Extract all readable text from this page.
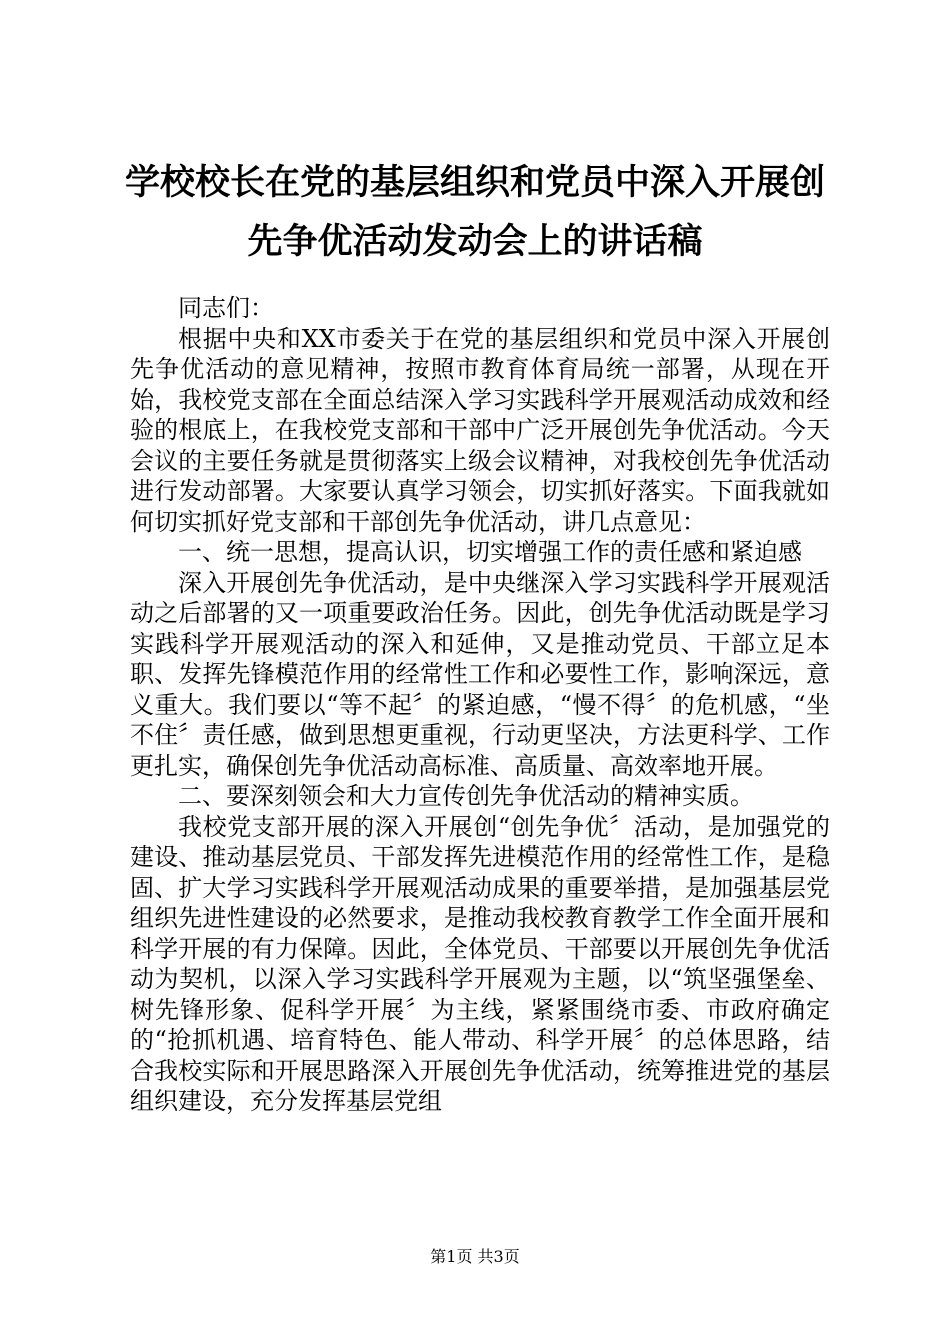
学校校长在党的基层组织和党员中深入开展创
先争优活动发动会上的讲话稿

同志们：

根据中央和XX市委关于在党的基层组织和党员中深入开展创先争优活动的意见精神，按照市教育体育局统一部署，从现在开始，我校党支部在全面总结深入学习实践科学开展观活动成效和经验的根底上，在我校党支部和干部中广泛开展创先争优活动。今天会议的主要任务就是贯彻落实上级会议精神，对我校创先争优活动进行发动部署。大家要认真学习领会，切实抓好落实。下面我就如何切实抓好党支部和干部创先争优活动，讲几点意见：

一、统一思想，提高认识，切实增强工作的责任感和紧迫感

深入开展创先争优活动，是中央继深入学习实践科学开展观活动之后部署的又一项重要政治任务。因此，创先争优活动既是学习实践科学开展观活动的深入和延伸，又是推动党员、干部立足本职、发挥先锋模范作用的经常性工作和必要性工作，影响深远，意义重大。我们要以“等不起〞的紧迫感，“慢不得〞的危机感，“坐不住〞责任感，做到思想更重视，行动更坚决，方法更科学、工作更扎实，确保创先争优活动高标准、高质量、高效率地开展。

二、要深刻领会和大力宣传创先争优活动的精神实质。

我校党支部开展的深入开展创“创先争优〞活动，是加强党的建设、推动基层党员、干部发挥先进模范作用的经常性工作，是稳固、扩大学习实践科学开展观活动成果的重要举措，是加强基层党组织先进性建设的必然要求，是推动我校教育教学工作全面开展和科学开展的有力保障。因此，全体党员、干部要以开展创先争优活动为契机，以深入学习实践科学开展观为主题，以“筑坚强堡垒、树先锋形象、促科学开展〞为主线，紧紧围绕市委、市政府确定的“抢抓机遇、培育特色、能人带动、科学开展〞的总体思路，结合我校实际和开展思路深入开展创先争优活动，统筹推进党的基层组织建设，充分发挥基层党组

第1页 共3页
